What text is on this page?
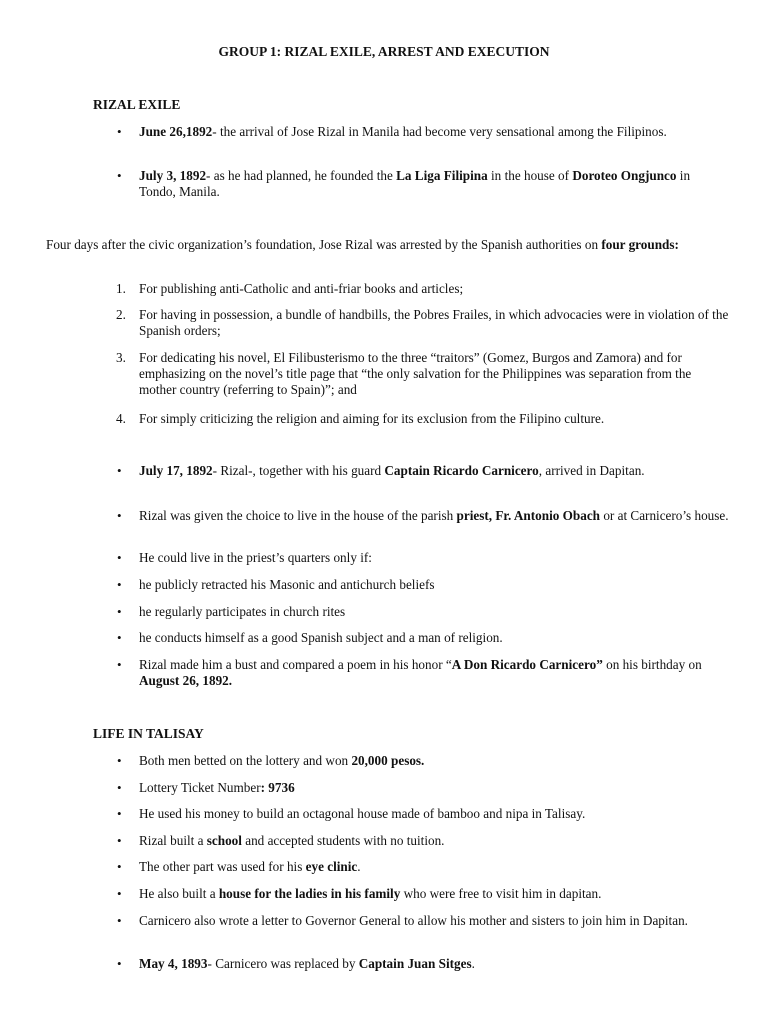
GROUP 1: RIZAL EXILE, ARREST AND EXECUTION
RIZAL EXILE
• June 26,1892- the arrival of Jose Rizal in Manila had become very sensational among the Filipinos.
• July 3, 1892- as he had planned, he founded the La Liga Filipina in the house of Doroteo Ongjunco in Tondo, Manila.
Four days after the civic organization’s foundation, Jose Rizal was arrested by the Spanish authorities on four grounds:
1. For publishing anti-Catholic and anti-friar books and articles;
2. For having in possession, a bundle of handbills, the Pobres Frailes, in which advocacies were in violation of the Spanish orders;
3. For dedicating his novel, El Filibusterismo to the three “traitors” (Gomez, Burgos and Zamora) and for emphasizing on the novel’s title page that “the only salvation for the Philippines was separation from the mother country (referring to Spain)”; and
4. For simply criticizing the religion and aiming for its exclusion from the Filipino culture.
• July 17, 1892- Rizal-, together with his guard Captain Ricardo Carnicero, arrived in Dapitan.
• Rizal was given the choice to live in the house of the parish priest, Fr. Antonio Obach or at Carnicero’s house.
• He could live in the priest’s quarters only if:
• he publicly retracted his Masonic and antichurch beliefs
• he regularly participates in church rites
• he conducts himself as a good Spanish subject and a man of religion.
• Rizal made him a bust and compared a poem in his honor “A Don Ricardo Carnicero” on his birthday on August 26, 1892.
LIFE IN TALISAY
• Both men betted on the lottery and won 20,000 pesos.
• Lottery Ticket Number: 9736
• He used his money to build an octagonal house made of bamboo and nipa in Talisay.
• Rizal built a school and accepted students with no tuition.
• The other part was used for his eye clinic.
• He also built a house for the ladies in his family who were free to visit him in dapitan.
• Carnicero also wrote a letter to Governor General to allow his mother and sisters to join him in Dapitan.
• May 4, 1893- Carnicero was replaced by Captain Juan Sitges.
